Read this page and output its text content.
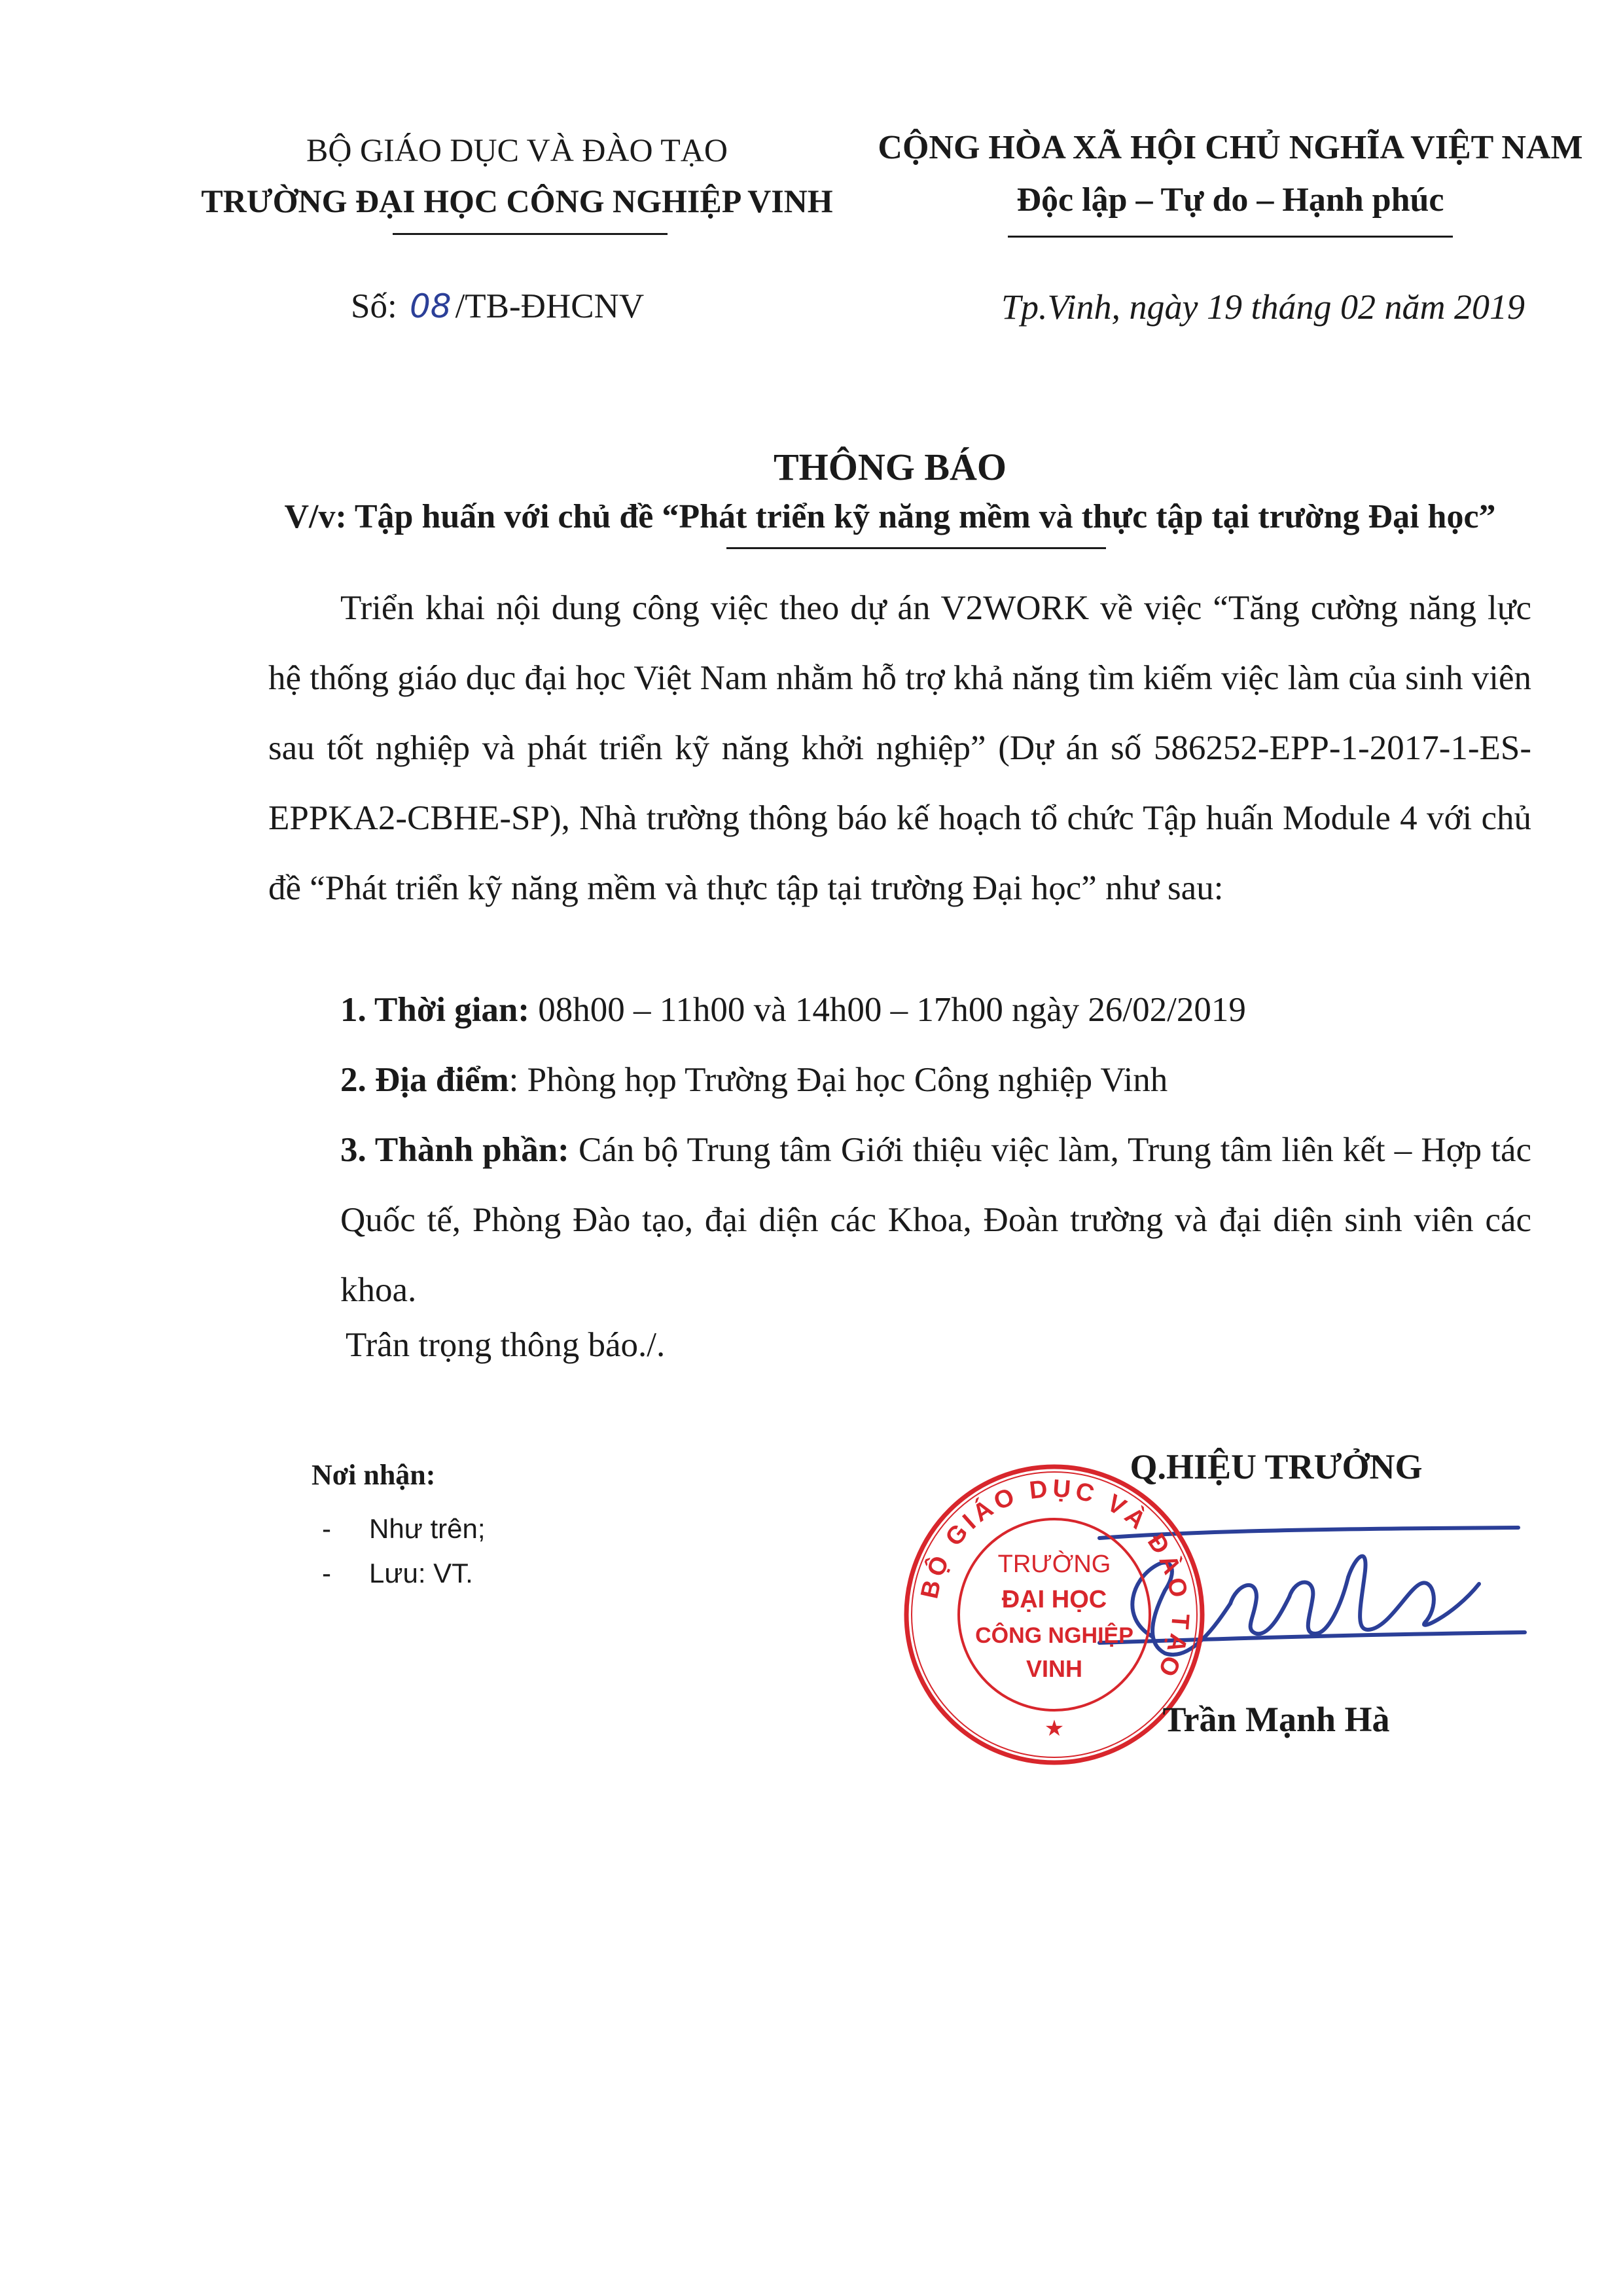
BỘ GIÁO DỤC VÀ ĐÀO TẠO
TRƯỜNG ĐẠI HỌC CÔNG NGHIỆP VINH
CỘNG HÒA XÃ HỘI CHỦ NGHĨA VIỆT NAM
Độc lập – Tự do – Hạnh phúc
Số: 08 /TB-ĐHCNV	Tp.Vinh, ngày 19 tháng 02 năm 2019
THÔNG BÁO
V/v: Tập huấn với chủ đề “Phát triển kỹ năng mềm và thực tập tại trường Đại học”
Triển khai nội dung công việc theo dự án V2WORK về việc “Tăng cường năng lực hệ thống giáo dục đại học Việt Nam nhằm hỗ trợ khả năng tìm kiếm việc làm của sinh viên sau tốt nghiệp và phát triển kỹ năng khởi nghiệp” (Dự án số 586252-EPP-1-2017-1-ES-EPPKA2-CBHE-SP), Nhà trường thông báo kế hoạch tổ chức Tập huấn Module 4 với chủ đề “Phát triển kỹ năng mềm và thực tập tại trường Đại học” như sau:
1. Thời gian: 08h00 – 11h00 và 14h00 – 17h00 ngày 26/02/2019
2. Địa điểm: Phòng họp Trường Đại học Công nghiệp Vinh
3. Thành phần: Cán bộ Trung tâm Giới thiệu việc làm, Trung tâm liên kết – Hợp tác Quốc tế, Phòng Đào tạo, đại diện các Khoa, Đoàn trường và đại diện sinh viên các khoa.
Trân trọng thông báo./.
Nơi nhận:
- Như trên;
- Lưu: VT.
Q.HIỆU TRƯỞNG
BỘ GIÁO DỤC VÀ ĐÀO TẠO
TRƯỜNG
ĐẠI HỌC
CÔNG NGHIỆP
VINH
★	Trần Mạnh Hà
